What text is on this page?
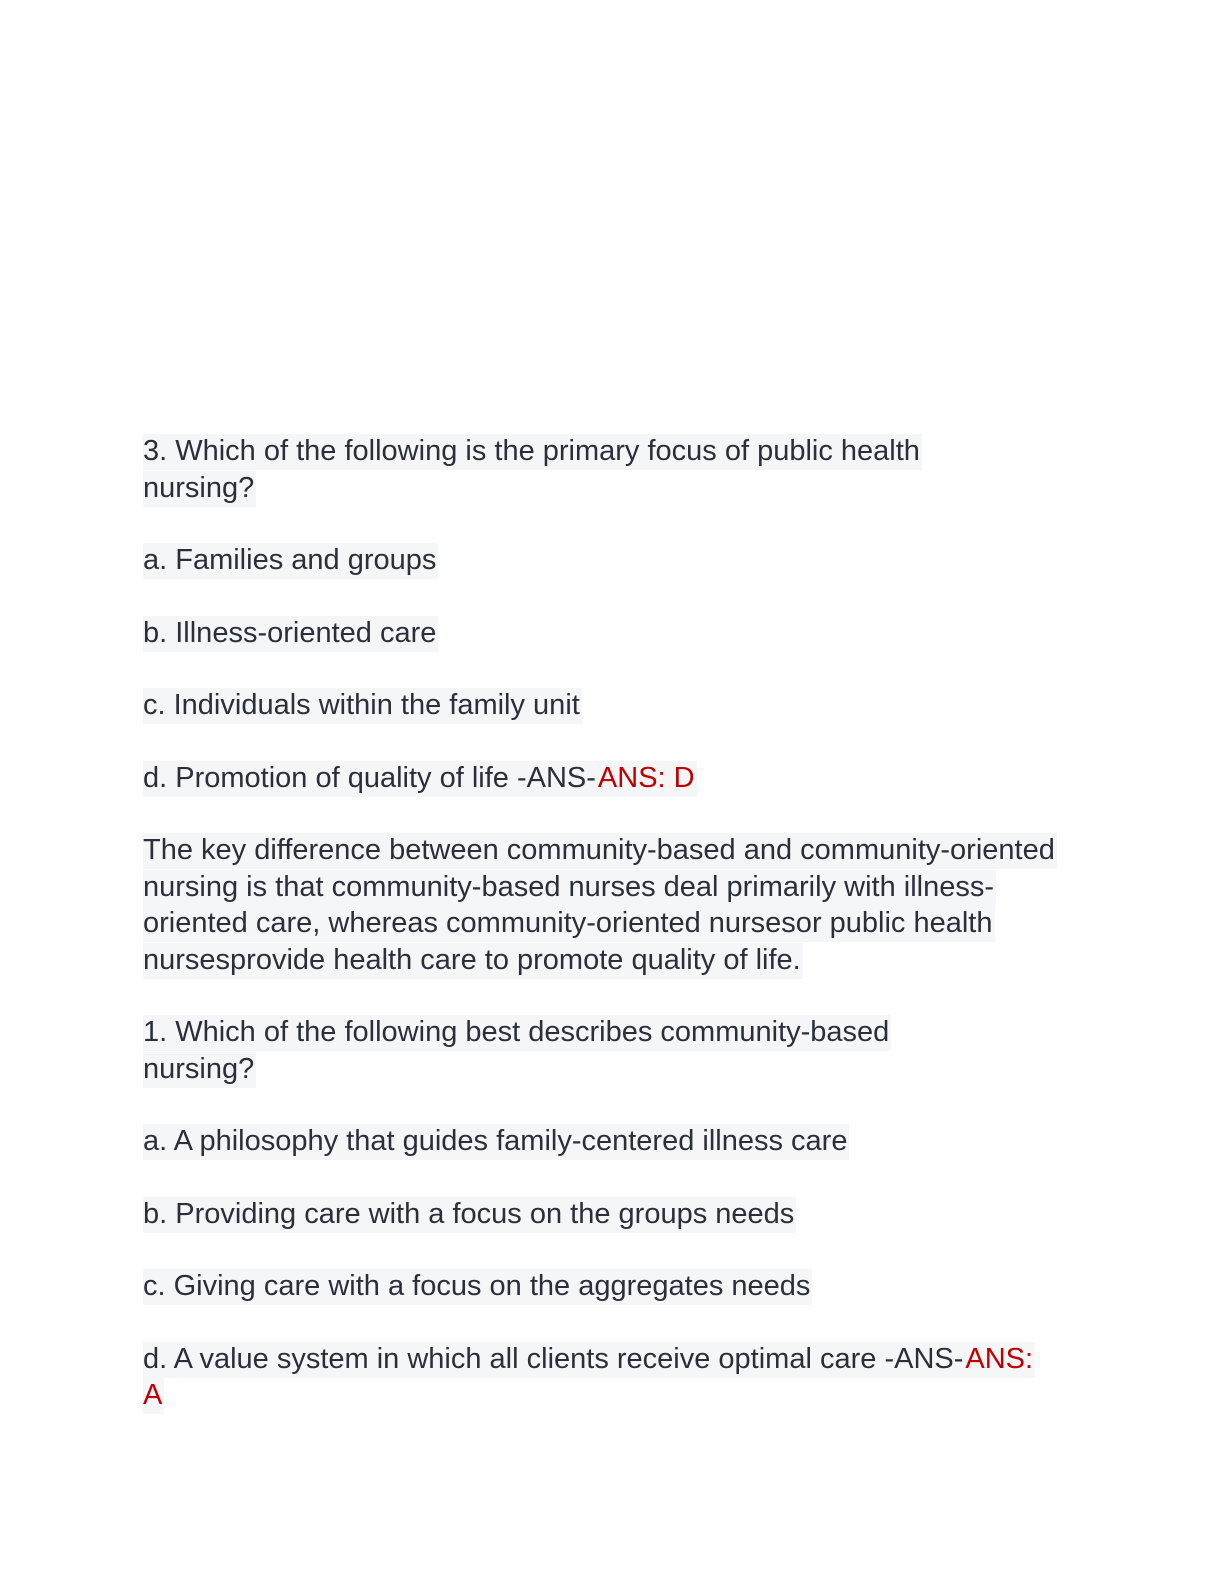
3. Which of the following is the primary focus of public health nursing?

a. Families and groups

b. Illness-oriented care

c. Individuals within the family unit

d. Promotion of quality of life -ANS-ANS: D

The key difference between community-based and community-oriented nursing is that community-based nurses deal primarily with illness-oriented care, whereas community-oriented nursesor public health nursesprovide health care to promote quality of life.

1. Which of the following best describes community-based nursing?

a. A philosophy that guides family-centered illness care

b. Providing care with a focus on the groups needs

c. Giving care with a focus on the aggregates needs

d. A value system in which all clients receive optimal care -ANS-ANS: A
